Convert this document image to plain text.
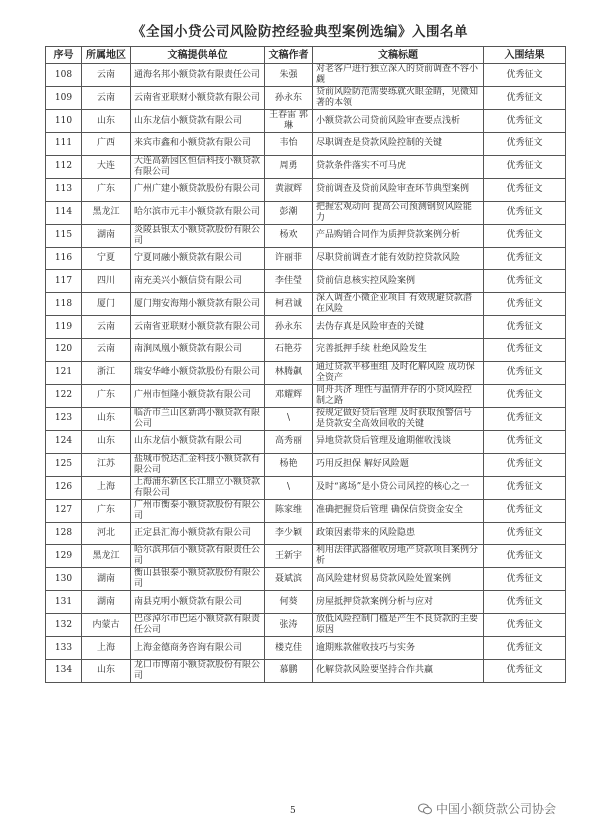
《全国小贷公司风险防控经验典型案例选编》入围名单
序号	所属地区	文稿提供单位	文稿作者	文稿标题	入围结果
108	云南	通海名邦小额贷款有限责任公司	朱强	对老客户进行独立深入的贷前调查不容小觑	优秀征文
109	云南	云南省亚联财小额贷款有限公司	孙永东	贷前风险防范需要练就火眼金睛，见微知著的本领	优秀征文
110	山东	山东龙信小额贷款有限公司	王春雷 郭琳	小额贷款公司贷前风险审查要点浅析	优秀征文
111	广西	来宾市鑫和小额贷款有限公司	韦怡	尽职调查是贷款风险控制的关键	优秀征文
112	大连	大连高新园区恒信科技小额贷款有限公司	周勇	贷款条件落实不可马虎	优秀征文
113	广东	广州广建小额贷款股份有限公司	黄淑辉	贷前调查及贷前风险审查环节典型案例	优秀征文
114	黑龙江	哈尔滨市元丰小额贷款有限公司	彭潮	把握宏观动向 提高公司预测钢贸风险能力	优秀征文
115	湖南	炎陵县银太小额贷款股份有限公司	杨欢	产品购销合同作为质押贷款案例分析	优秀征文
116	宁夏	宁夏同融小额贷款有限公司	许丽菲	尽职贷前调查才能有效防控贷款风险	优秀征文
117	四川	南充美兴小额信贷有限公司	李佳瑩	贷前信息核实控风险案例	优秀征文
118	厦门	厦门翔安海翔小额贷款有限公司	柯君诚	深入调查小微企业项目 有效规避贷款潜在风险	优秀征文
119	云南	云南省亚联财小额贷款有限公司	孙永东	去伪存真是风险审查的关键	优秀征文
120	云南	南涧凤凰小额贷款有限公司	石艳芬	完善抵押手续 杜绝风险发生	优秀征文
121	浙江	瑞安华峰小额贷款股份有限公司	林腾飙	通过贷款平移重组 及时化解风险 成功保全资产	优秀征文
122	广东	广州市恒隆小额贷款有限公司	邓耀辉	同舟共济 理性与温情并存的小贷风险控制之路	优秀征文
123	山东	临沂市兰山区新鸿小额贷款有限公司	\	按规定做好贷后管理 及时获取预警信号是贷款安全高效回收的关键	优秀征文
124	山东	山东龙信小额贷款有限公司	高秀丽	异地贷款贷后管理及逾期催收浅谈	优秀征文
125	江苏	盐城市悦达汇金科技小额贷款有限公司	杨艳	巧用反担保 解好风险题	优秀征文
126	上海	上海浦东新区长江鼎立小额贷款有限公司	\	及时“离场”是小贷公司风控的核心之一	优秀征文
127	广东	广州市衡泰小额贷款股份有限公司	陈家维	准确把握贷后管理 确保信贷资金安全	优秀征文
128	河北	正定县汇海小额贷款有限公司	李少颖	政策因素带来的风险隐患	优秀征文
129	黑龙江	哈尔滨邦信小额贷款有限责任公司	王新宇	利用法律武器催收房地产贷款项目案例分析	优秀征文
130	湖南	衡山县银泰小额贷款股份有限公司	聂斌滨	高风险建材贸易贷款风险处置案例	优秀征文
131	湖南	南县克明小额贷款有限公司	何葵	房屋抵押贷款案例分析与应对	优秀征文
132	内蒙古	巴彦淖尔市巴运小额贷款有限责任公司	张涛	放低风险控制门槛是产生不良贷款的主要原因	优秀征文
133	上海	上海金德商务咨询有限公司	楼克佳	逾期账款催收技巧与实务	优秀征文
134	山东	龙口市博南小额贷款股份有限公司	慕鹏	化解贷款风险要坚持合作共赢	优秀征文
5	中国小额贷款公司协会
